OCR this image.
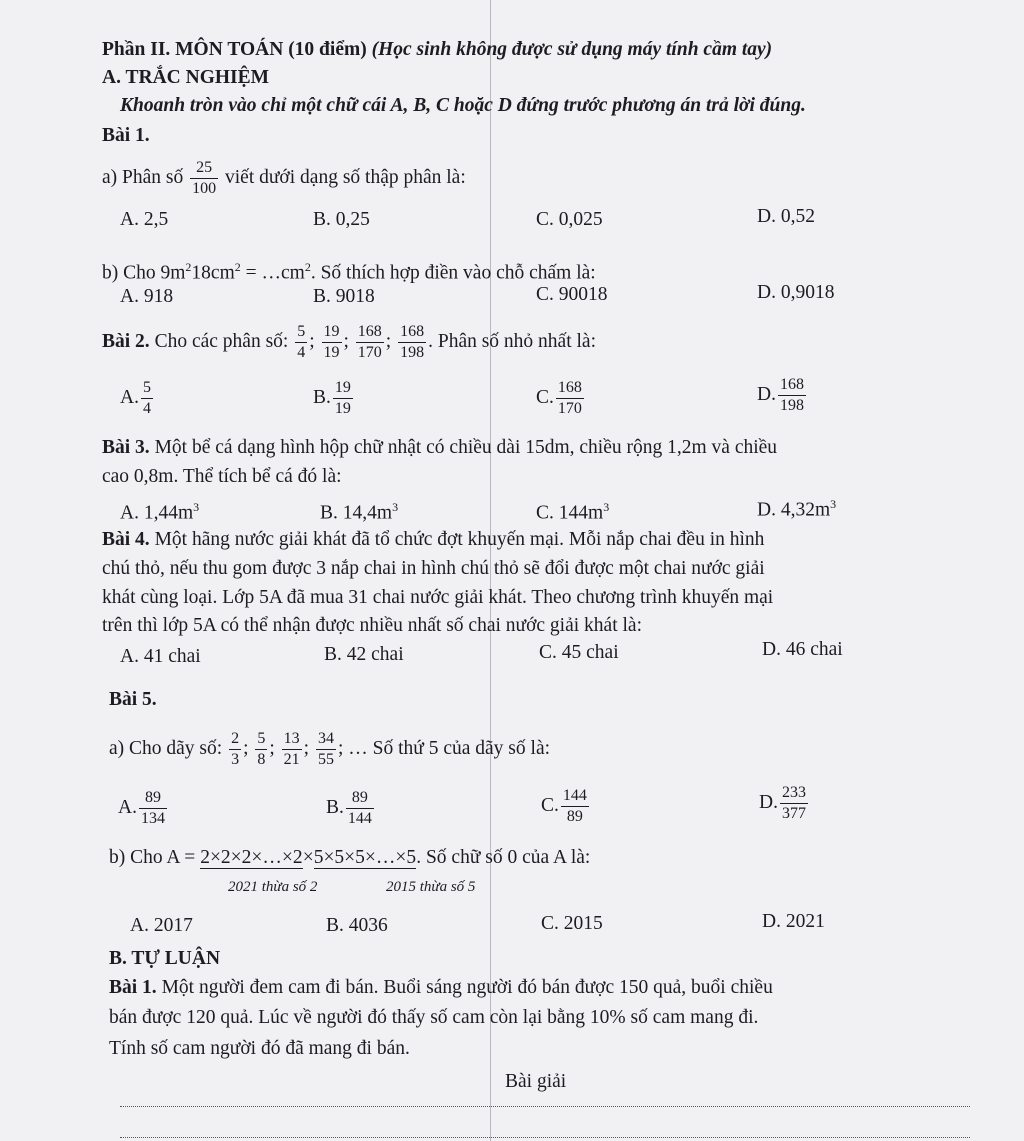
Phần II. MÔN TOÁN (10 điểm) (Học sinh không được sử dụng máy tính cầm tay)
A. TRẮC NGHIỆM
Khoanh tròn vào chỉ một chữ cái A, B, C hoặc D đứng trước phương án trả lời đúng.
Bài 1.
a) Phân số $\frac{25}{100}$ viết dưới dạng số thập phân là:
A. 2,5	B. 0,25	C. 0,025	D. 0,52
b) Cho $9m^218cm^2$ = $\dots cm^2$. Số thích hợp điền vào chỗ chấm là:
A. 918	B. 9018	C. 90018	D. 0,9018
Bài 2. Cho các phân số: $\frac{5}{4}$ ; $\frac{19}{19}$ ; $\frac{168}{170}$ ; $\frac{168}{198}$ . Phân số nhỏ nhất là:
A. $\frac{5}{4}$	B. $\frac{19}{19}$	C. $\frac{168}{170}$	D. $\frac{168}{198}$
Bài 3. Một bể cá dạng hình hộp chữ nhật có chiều dài 15dm, chiều rộng 1,2m và chiều
cao 0,8m. Thể tích bể cá đó là:
A. $1,44m^3$	B. $14,4m^3$	C. $144m^3$	D. $4,32m^3$
Bài 4. Một hãng nước giải khát đã tổ chức đợt khuyến mại. Mỗi nắp chai đều in hình
chú thỏ, nếu thu gom được 3 nắp chai in hình chú thỏ sẽ đổi được một chai nước giải
khát cùng loại. Lớp 5A đã mua 31 chai nước giải khát. Theo chương trình khuyến mại
trên thì lớp 5A có thể nhận được nhiều nhất số chai nước giải khát là:
A. 41 chai	B. 42 chai	C. 45 chai	D. 46 chai
Bài 5.
a) Cho dãy số: $\frac{2}{3}$ ; $\frac{5}{8}$ ; $\frac{13}{21}$ ; $\frac{34}{55}$ ; … Số thứ 5 của dãy số là:
A. $\frac{89}{134}$	B. $\frac{89}{144}$	C. $\frac{144}{89}$	D. $\frac{233}{377}$
b) Cho A = 2×2×2×…×2×5×5×5×…×5. Số chữ số 0 của A là:
2021 thừa số 2	2015 thừa số 5
A. 2017	B. 4036	C. 2015	D. 2021
B. TỰ LUẬN
Bài 1. Một người đem cam đi bán. Buổi sáng người đó bán được 150 quả, buổi chiều
bán được 120 quả. Lúc về người đó thấy số cam còn lại bằng 10% số cam mang đi.
Tính số cam người đó đã mang đi bán.
Bài giải
